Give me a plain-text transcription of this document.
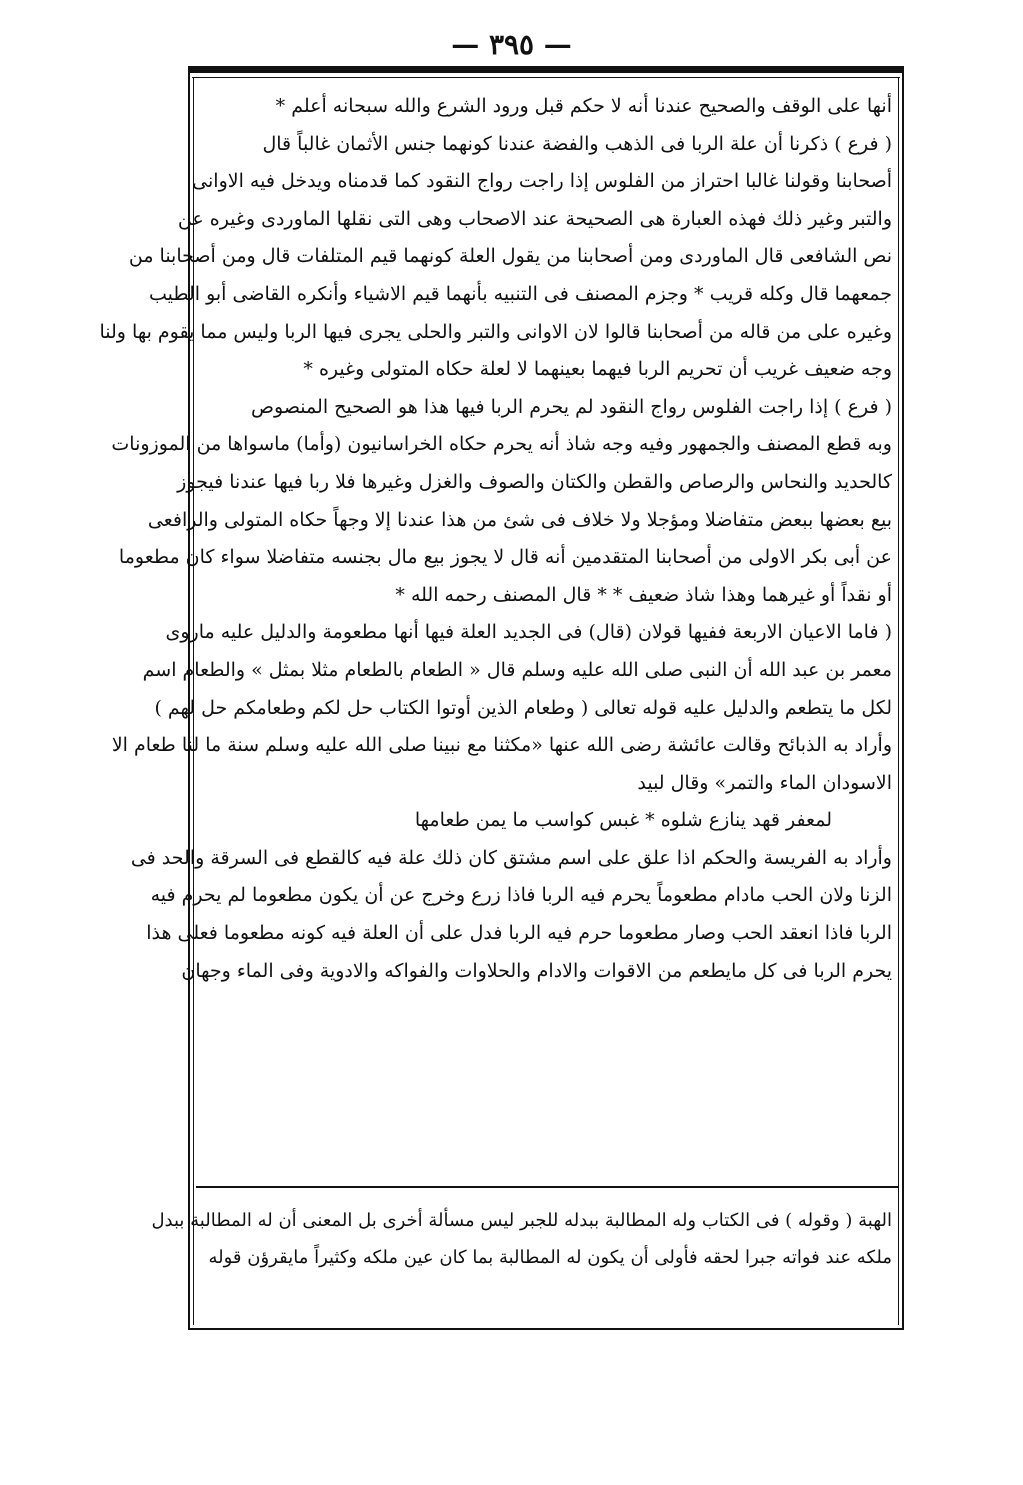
— ٣٩٥ —
أنها على الوقف والصحيح عندنا أنه لا حكم قبل ورود الشرع والله سبحانه أعلم *
( فرع ) ذكرنا أن علة الربا فى الذهب والفضة عندنا كونهما جنس الأثمان غالباً قال
أصحابنا وقولنا غالبا احتراز من الفلوس إذا راجت رواج النقود كما قدمناه ويدخل فيه الاوانى
والتبر وغير ذلك فهذه العبارة هى الصحيحة عند الاصحاب وهى التى نقلها الماوردى وغيره عن
نص الشافعى قال الماوردى ومن أصحابنا من يقول العلة كونهما قيم المتلفات قال ومن أصحابنا من
جمعهما قال وكله قريب * وجزم المصنف فى التنبيه بأنهما قيم الاشياء وأنكره القاضى أبو الطيب
وغيره على من قاله من أصحابنا قالوا لان الاوانى والتبر والحلى يجرى فيها الربا وليس مما يقوم بها ولنا
وجه ضعيف غريب أن تحريم الربا فيهما بعينهما لا لعلة حكاه المتولى وغيره *
( فرع ) إذا راجت الفلوس رواج النقود لم يحرم الربا فيها هذا هو الصحيح المنصوص
وبه قطع المصنف والجمهور وفيه وجه شاذ أنه يحرم حكاه الخراسانيون (وأما) ماسواها من الموزونات
كالحديد والنحاس والرصاص والقطن والكتان والصوف والغزل وغيرها فلا ربا فيها عندنا فيجوز
بيع بعضها ببعض متفاضلا ومؤجلا ولا خلاف فى شئ من هذا عندنا إلا وجهاً حكاه المتولى والرافعى
عن أبى بكر الاولى من أصحابنا المتقدمين أنه قال لا يجوز بيع مال بجنسه متفاضلا سواء كان مطعوما
أو نقداً أو غيرهما وهذا شاذ ضعيف * * قال المصنف رحمه الله *
( فاما الاعيان الاربعة ففيها قولان (قال) فى الجديد العلة فيها أنها مطعومة والدليل عليه ماروى
معمر بن عبد الله أن النبى صلى الله عليه وسلم قال « الطعام بالطعام مثلا بمثل » والطعام اسم
لكل ما يتطعم والدليل عليه قوله تعالى ( وطعام الذين أوتوا الكتاب حل لكم وطعامكم حل لهم )
وأراد به الذبائح وقالت عائشة رضى الله عنها «مكثنا مع نبينا صلى الله عليه وسلم سنة ما لنا طعام الا
الاسودان الماء والتمر» وقال لبيد
لمعفر قهد ينازع شلوه * غبس كواسب ما يمن طعامها
وأراد به الفريسة والحكم اذا علق على اسم مشتق كان ذلك علة فيه كالقطع فى السرقة والحد فى
الزنا ولان الحب مادام مطعوماً يحرم فيه الربا فاذا زرع وخرج عن أن يكون مطعوما لم يحرم فيه
الربا فاذا انعقد الحب وصار مطعوما حرم فيه الربا فدل على أن العلة فيه كونه مطعوما فعلى هذا
يحرم الربا فى كل مايطعم من الاقوات والادام والحلاوات والفواكه والادوية وفى الماء وجهان
الهبة ( وقوله ) فى الكتاب وله المطالبة ببدله للجبر ليس مسألة أخرى بل المعنى أن له المطالبة ببدل
ملكه عند فواته جبرا لحقه فأولى أن يكون له المطالبة بما كان عين ملكه وكثيراً مايقرؤن قوله
